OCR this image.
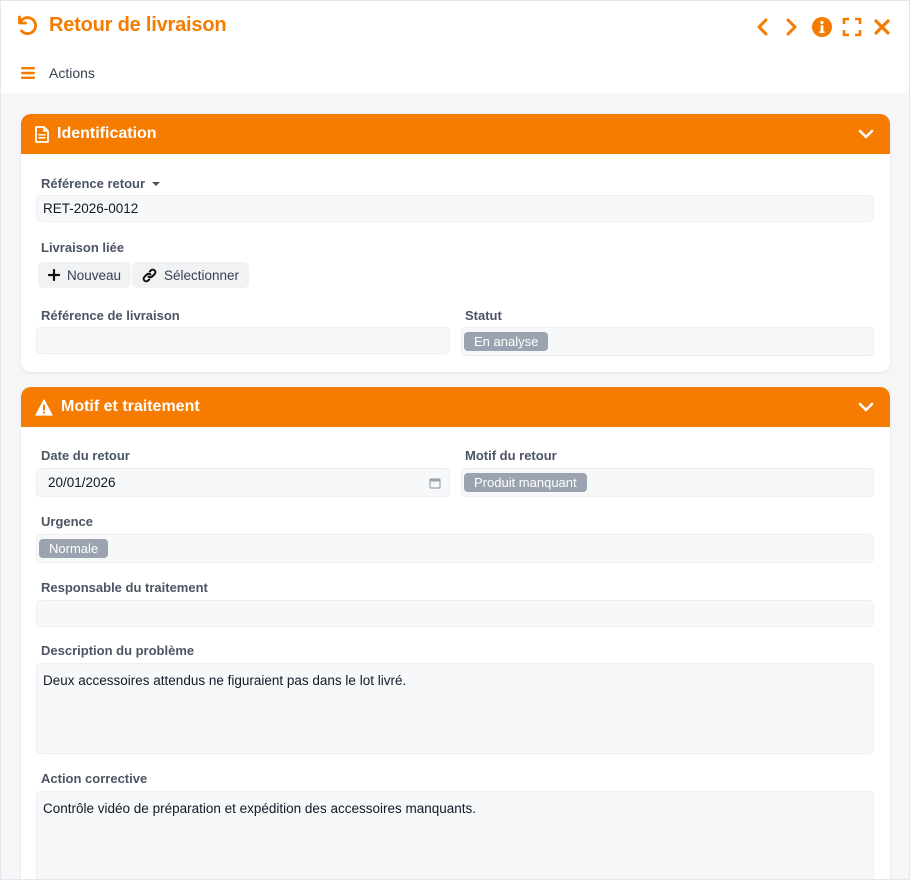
Retour de livraison
Actions
Identification
Référence retour
RET-2026-0012
Livraison liée
Nouveau	Sélectionner
Référence de livraison	Statut
En analyse
Motif et traitement
Date du retour
20/01/2026
Motif du retour
Produit manquant
Urgence
Normale
Responsable du traitement
Description du problème
Deux accessoires attendus ne figuraient pas dans le lot livré.
Action corrective
Contrôle vidéo de préparation et expédition des accessoires manquants.
